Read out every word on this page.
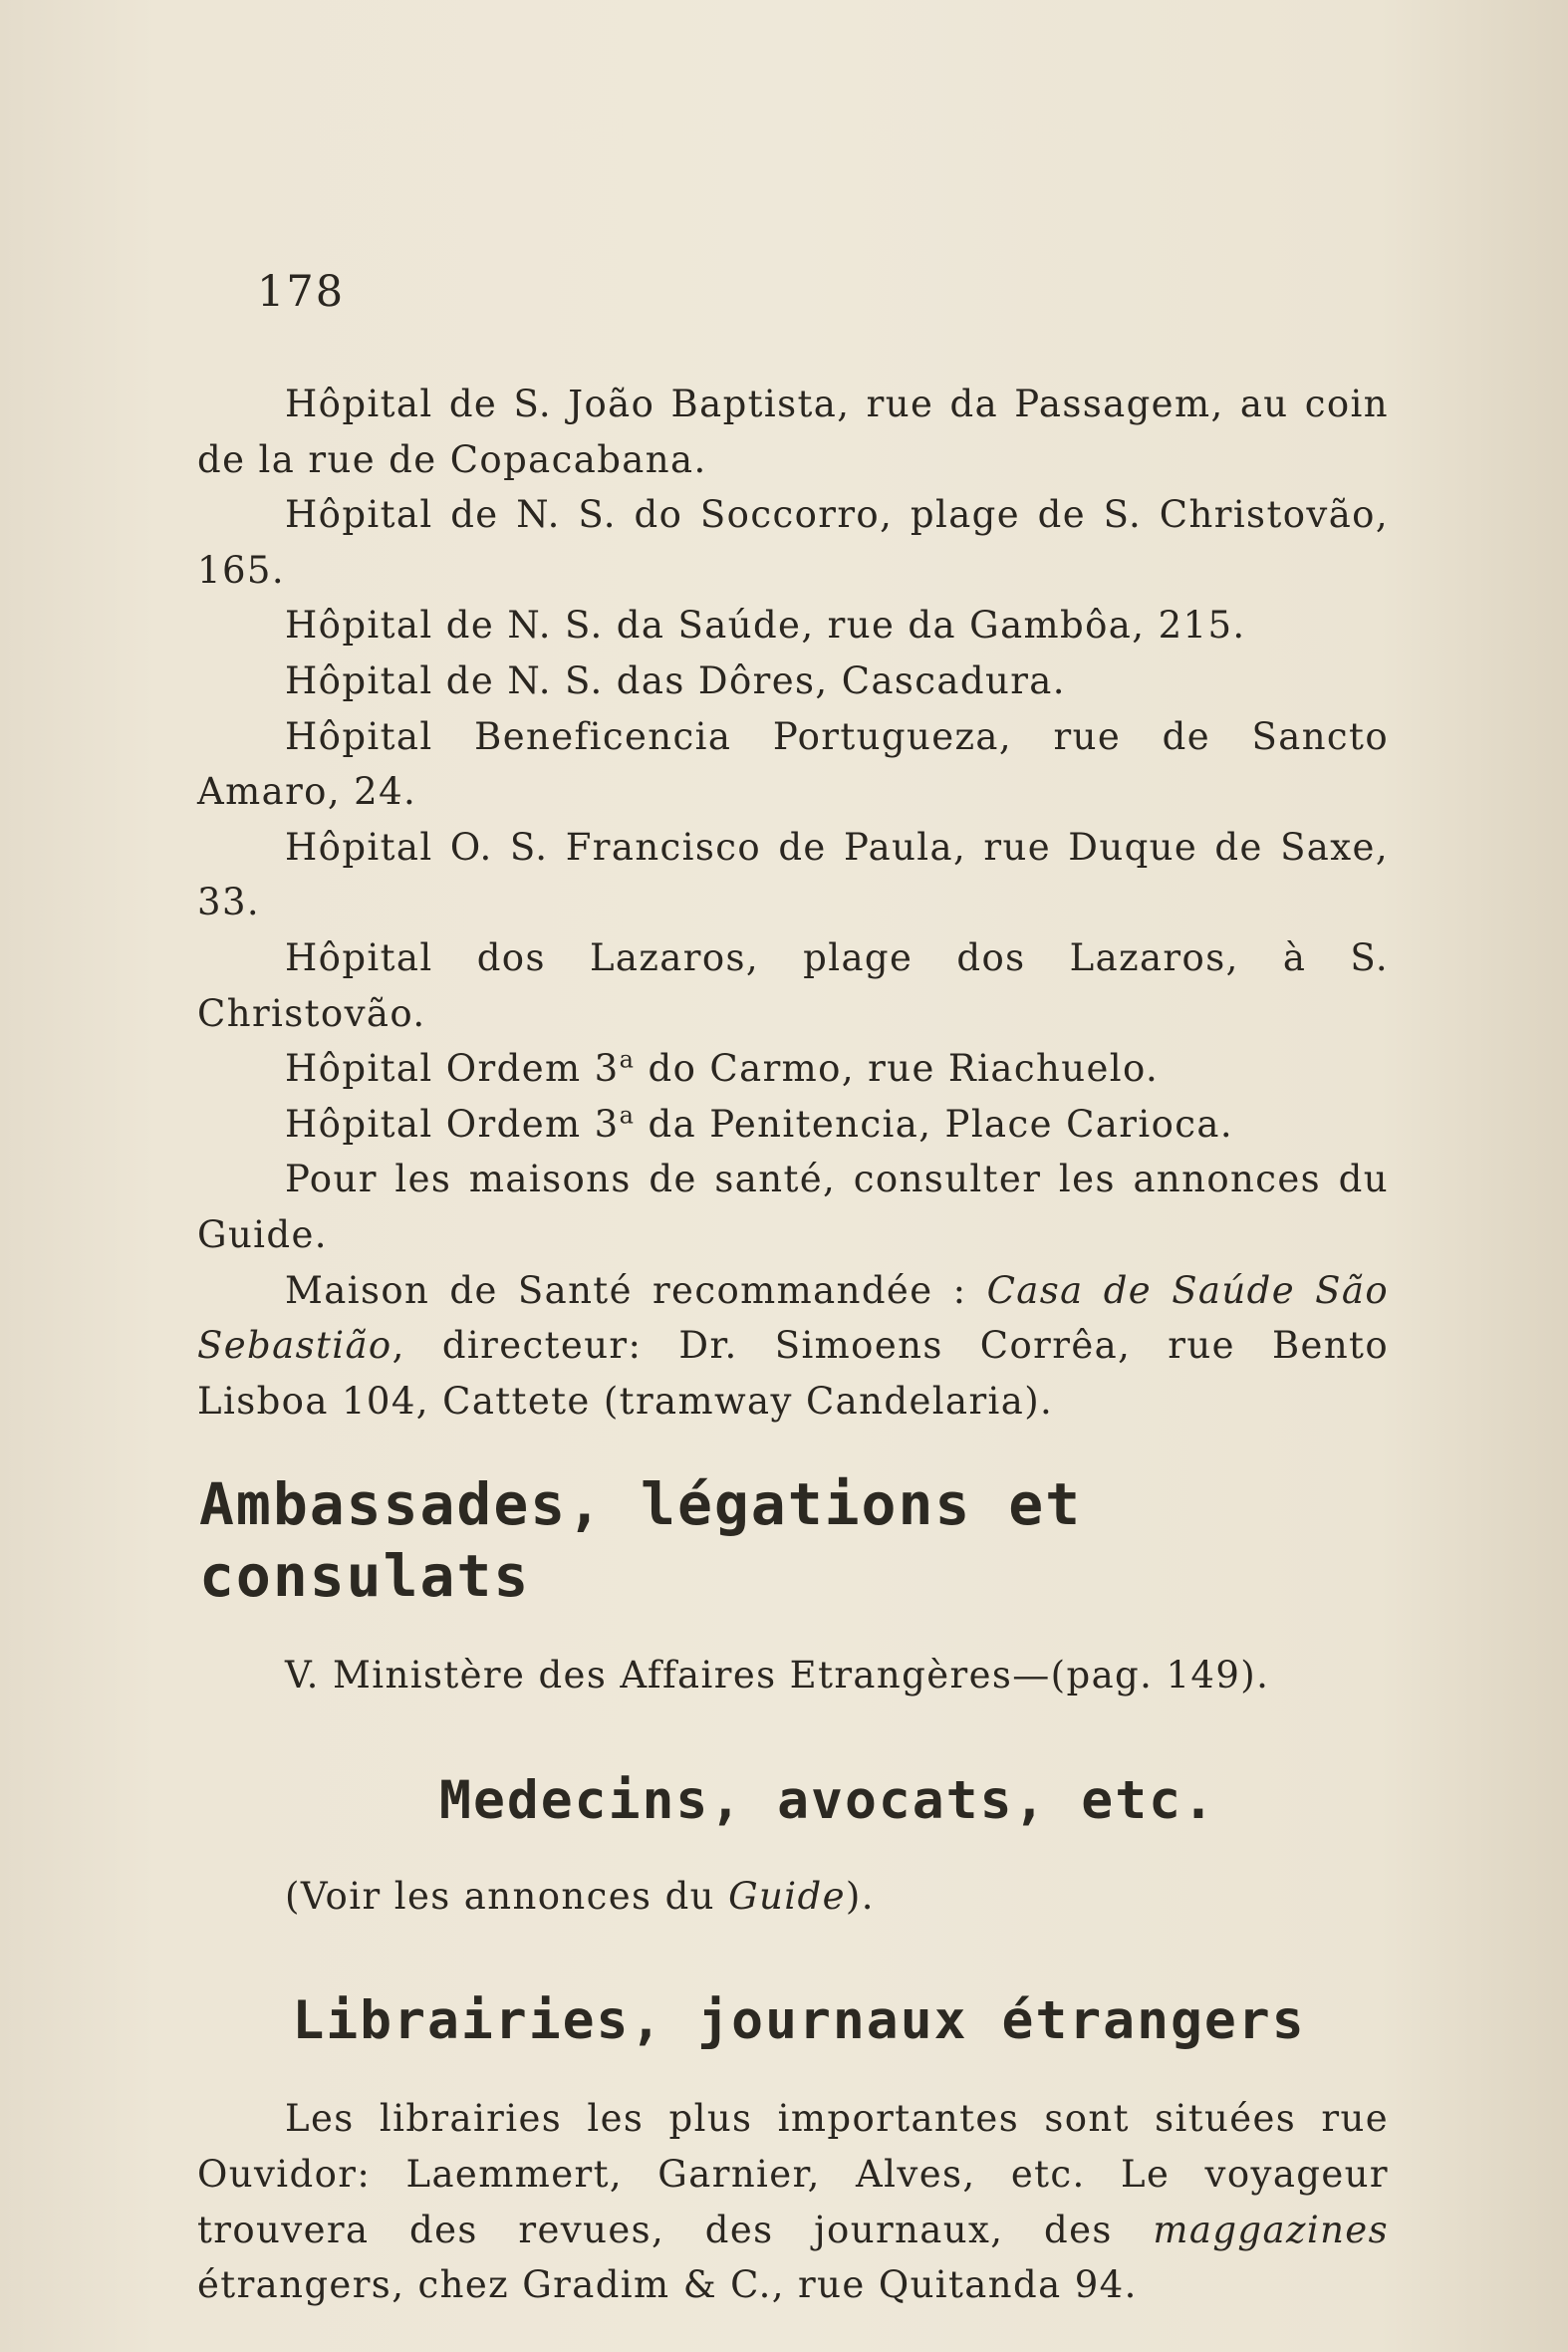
178

Hôpital de S. João Baptista, rue da Passagem, au coin de la rue de Copacabana.

Hôpital de N. S. do Soccorro, plage de S. Christovão, 165.

Hôpital de N. S. da Saúde, rue da Gambôa, 215.

Hôpital de N. S. das Dôres, Cascadura.

Hôpital Beneficencia Portugueza, rue de Sancto Amaro, 24.

Hôpital O. S. Francisco de Paula, rue Duque de Saxe, 33.

Hôpital dos Lazaros, plage dos Lazaros, à S. Christovão.

Hôpital Ordem 3$^a$ do Carmo, rue Riachuelo.

Hôpital Ordem 3$^a$ da Penitencia, Place Carioca.

Pour les maisons de santé, consulter les annonces du Guide.

Maison de Santé recommandée : Casa de Saúde São Sebastião, directeur: Dr. Simoens Corrêa, rue Bento Lisboa 104, Cattete (tramway Candelaria).

Ambassades, légations et consulats

V. Ministère des Affaires Etrangères—(pag. 149).

Medecins, avocats, etc.

(Voir les annonces du Guide).

Librairies, journaux étrangers

Les librairies les plus importantes sont situées rue Ouvidor: Laemmert, Garnier, Alves, etc. Le voyageur trouvera des revues, des journaux, des maggazines étrangers, chez Gradim & C., rue Quitanda 94.
